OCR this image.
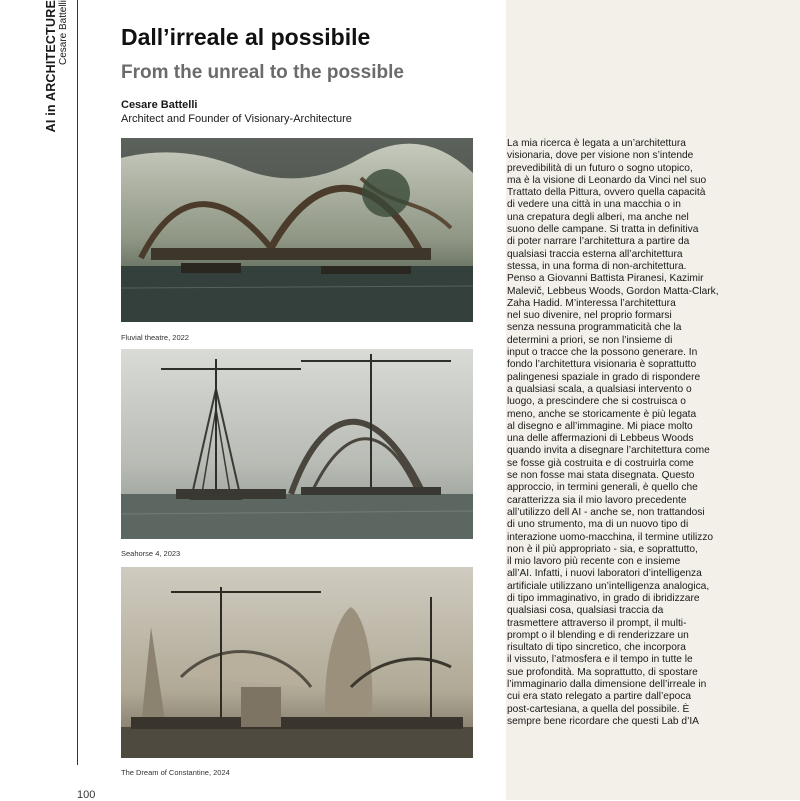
AI in ARCHITECTURE Cesare Battelli Dall’irreale al possibile
From the unreal to the possible
Cesare Battelli
Architect and Founder of Visionary-Architecture
Fluvial theatre, 2022
Seahorse 4, 2023
The Dream of Constantine, 2024
La mia ricerca è legata a un’architettura
visionaria, dove per visione non s’intende
prevedibilità di un futuro o sogno utopico,
ma è la visione di Leonardo da Vinci nel suo
Trattato della Pittura, ovvero quella capacità
di vedere una città in una macchia o in
una crepatura degli alberi, ma anche nel
suono delle campane. Si tratta in definitiva
di poter narrare l’architettura a partire da
qualsiasi traccia esterna all’architettura
stessa, in una forma di non-architettura.
Penso a Giovanni Battista Piranesi, Kazimir
Malevič, Lebbeus Woods, Gordon Matta-Clark,
Zaha Hadid. M’interessa l’architettura
nel suo divenire, nel proprio formarsi
senza nessuna programmaticità che la
determini a priori, se non l’insieme di
input o tracce che la possono generare. In
fondo l’architettura visionaria è soprattutto
palingenesi spaziale in grado di rispondere
a qualsiasi scala, a qualsiasi intervento o
luogo, a prescindere che si costruisca o
meno, anche se storicamente è più legata
al disegno e all’immagine. Mi piace molto
una delle affermazioni di Lebbeus Woods
quando invita a disegnare l’architettura come
se fosse già costruita e di costruirla come
se non fosse mai stata disegnata. Questo
approccio, in termini generali, è quello che
caratterizza sia il mio lavoro precedente
all’utilizzo dell AI - anche se, non trattandosi
di uno strumento, ma di un nuovo tipo di
interazione uomo-macchina, il termine utilizzo
non è il più appropriato - sia, e soprattutto,
il mio lavoro più recente con e insieme
all’AI. Infatti, i nuovi laboratori d’intelligenza
artificiale utilizzano un’intelligenza analogica,
di tipo immaginativo, in grado di ibridizzare
qualsiasi cosa, qualsiasi traccia da
trasmettere attraverso il prompt, il multi-
prompt o il blending e di renderizzare un
risultato di tipo sincretico, che incorpora
il vissuto, l’atmosfera e il tempo in tutte le
sue profondità. Ma soprattutto, di spostare
l’immaginario dalla dimensione dell’irreale in
cui era stato relegato a partire dall’epoca
post-cartesiana, a quella del possibile. È
sempre bene ricordare che questi Lab d’IA
100
